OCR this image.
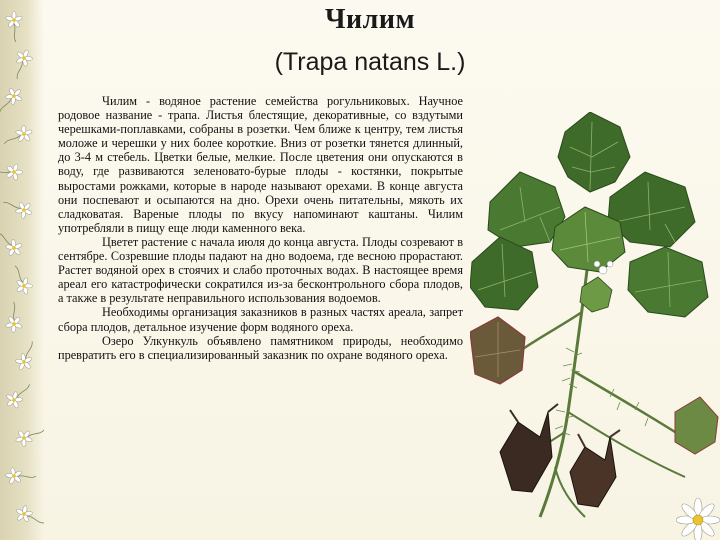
Чилим
(Trapa natans L.)

Чилим - водяное растение семейства рогульниковых. Научное родовое название - трапа. Листья блестящие, декоративные, со вздутыми черешками-поплавками, собраны в розетки. Чем ближе к центру, тем листья моложе и черешки у них более короткие. Вниз от розетки тянется длинный, до 3-4 м стебель. Цветки белые, мелкие. После цветения они опускаются в воду, где развиваются зеленовато-бурые плоды - костянки, покрытые выростами рожками, которые в народе называют орехами. В конце августа они поспевают и осыпаются на дно. Орехи очень питательны, мякоть их сладковатая. Вареные плоды по вкусу напоминают каштаны. Чилим употребляли в пищу еще люди каменного века.

Цветет растение с начала июля до конца августа. Плоды созревают в сентябре. Созревшие плоды падают на дно водоема, где весною прорастают. Растет водяной орех в стоячих и слабо проточных водах. В настоящее время ареал его катастрофически сократился из-за бесконтрольного сбора плодов, а также в результате неправильного использования водоемов.

Необходимы организация заказников в разных частях ареала, запрет сбора плодов, детальное изучение форм водяного ореха.

Озеро Улкункуль объявлено памятником природы, необходимо превратить его в специализированный заказник по охране водяного ореха.
